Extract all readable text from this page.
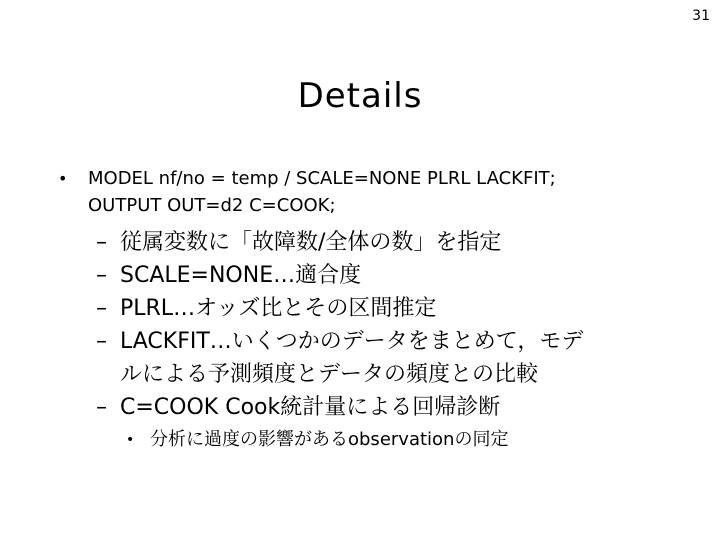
31
Details
• MODEL nf/no = temp / SCALE=NONE PLRL LACKFIT;
OUTPUT OUT=d2 C=COOK;
– 従属変数に「故障数/全体の数」を指定
– SCALE=NONE…適合度
– PLRL…オッズ比とその区間推定
– LACKFIT…いくつかのデータをまとめて，モデ
ルによる予測頻度とデータの頻度との比較
– C=COOK Cook統計量による回帰診断
• 分析に過度の影響があるobservationの同定
